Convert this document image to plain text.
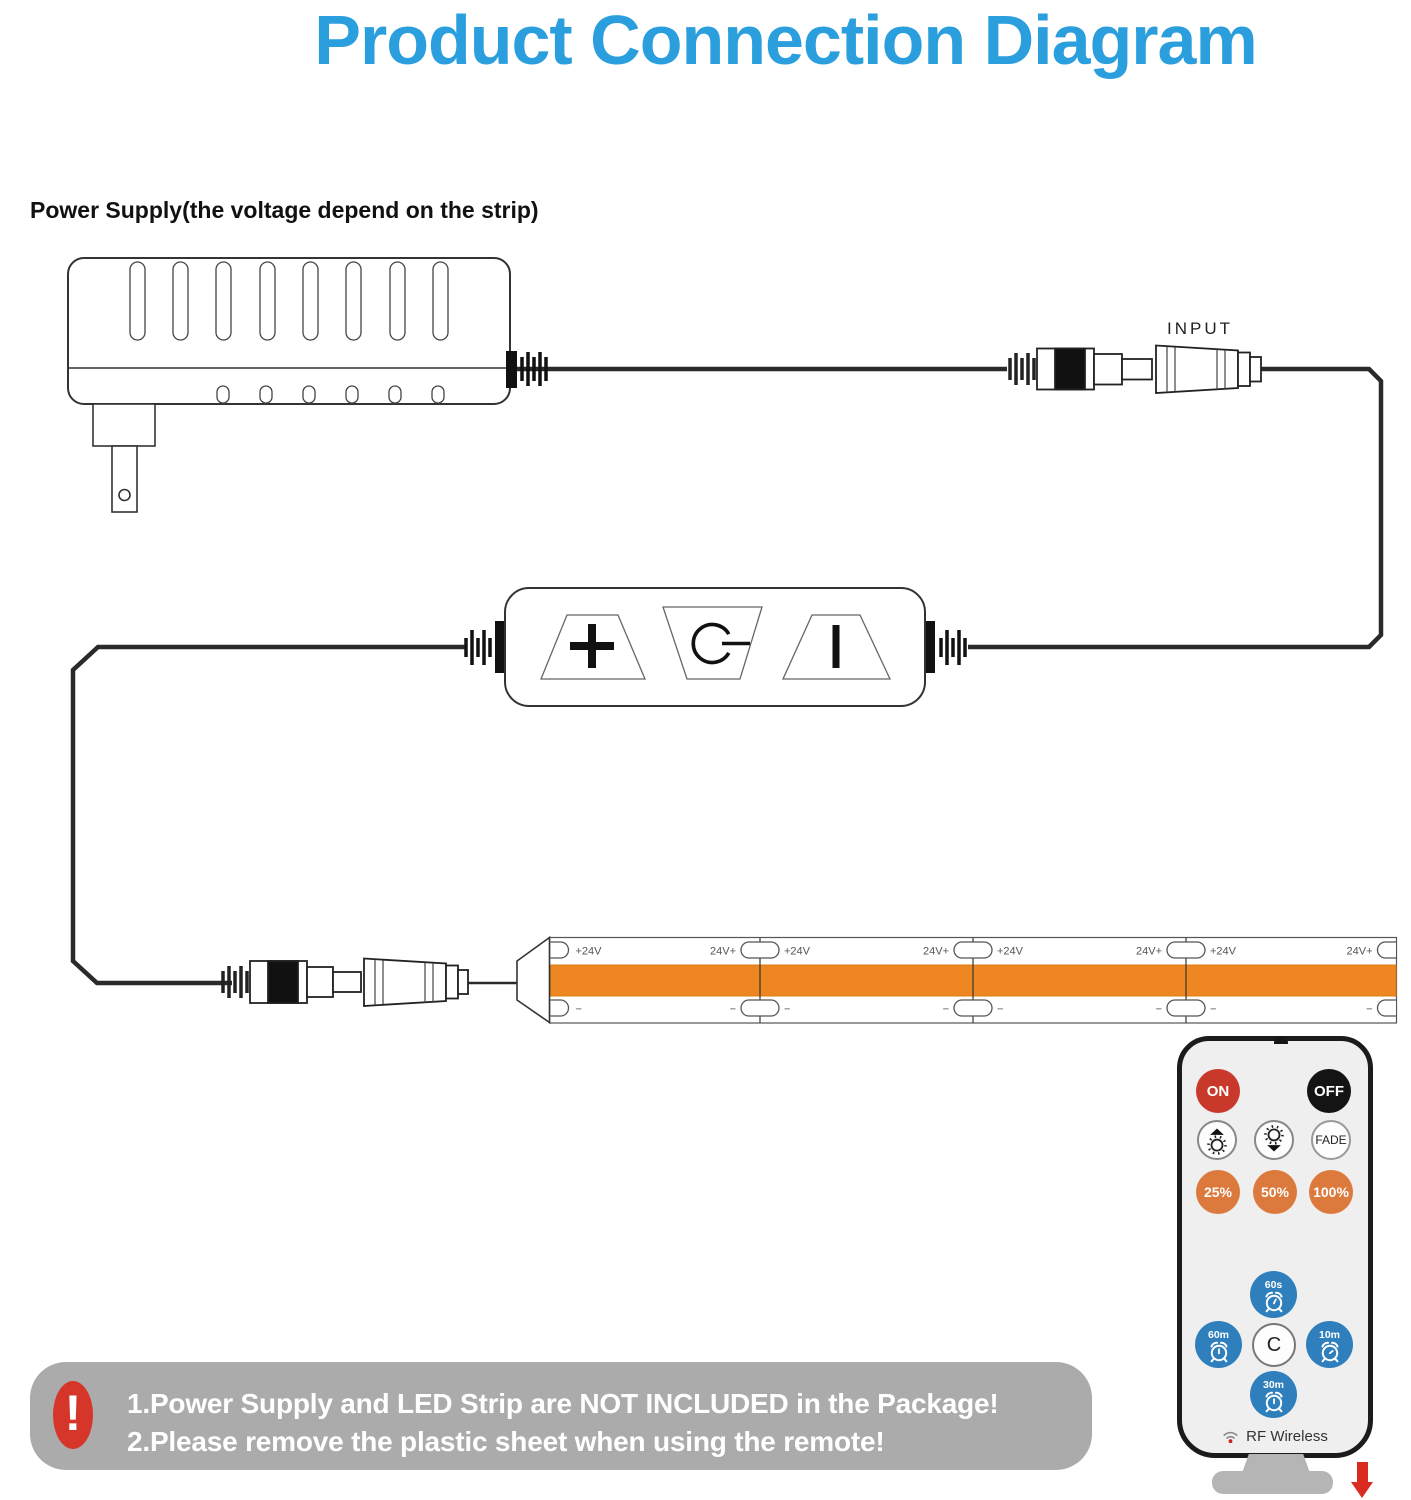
Product Connection Diagram
Power Supply(the voltage depend on the strip)
INPUT
+24V
−
24V+	+24V
−	−
24V+	+24V
−	−
24V+	+24V
−	−
24V+
−
ON	OFF
FADE
25%	50%	100%
60s
60m	C	10m
30m
RF Wireless
!	1.Power Supply and LED Strip are NOT INCLUDED in the Package!
2.Please remove the plastic sheet when using the remote!
